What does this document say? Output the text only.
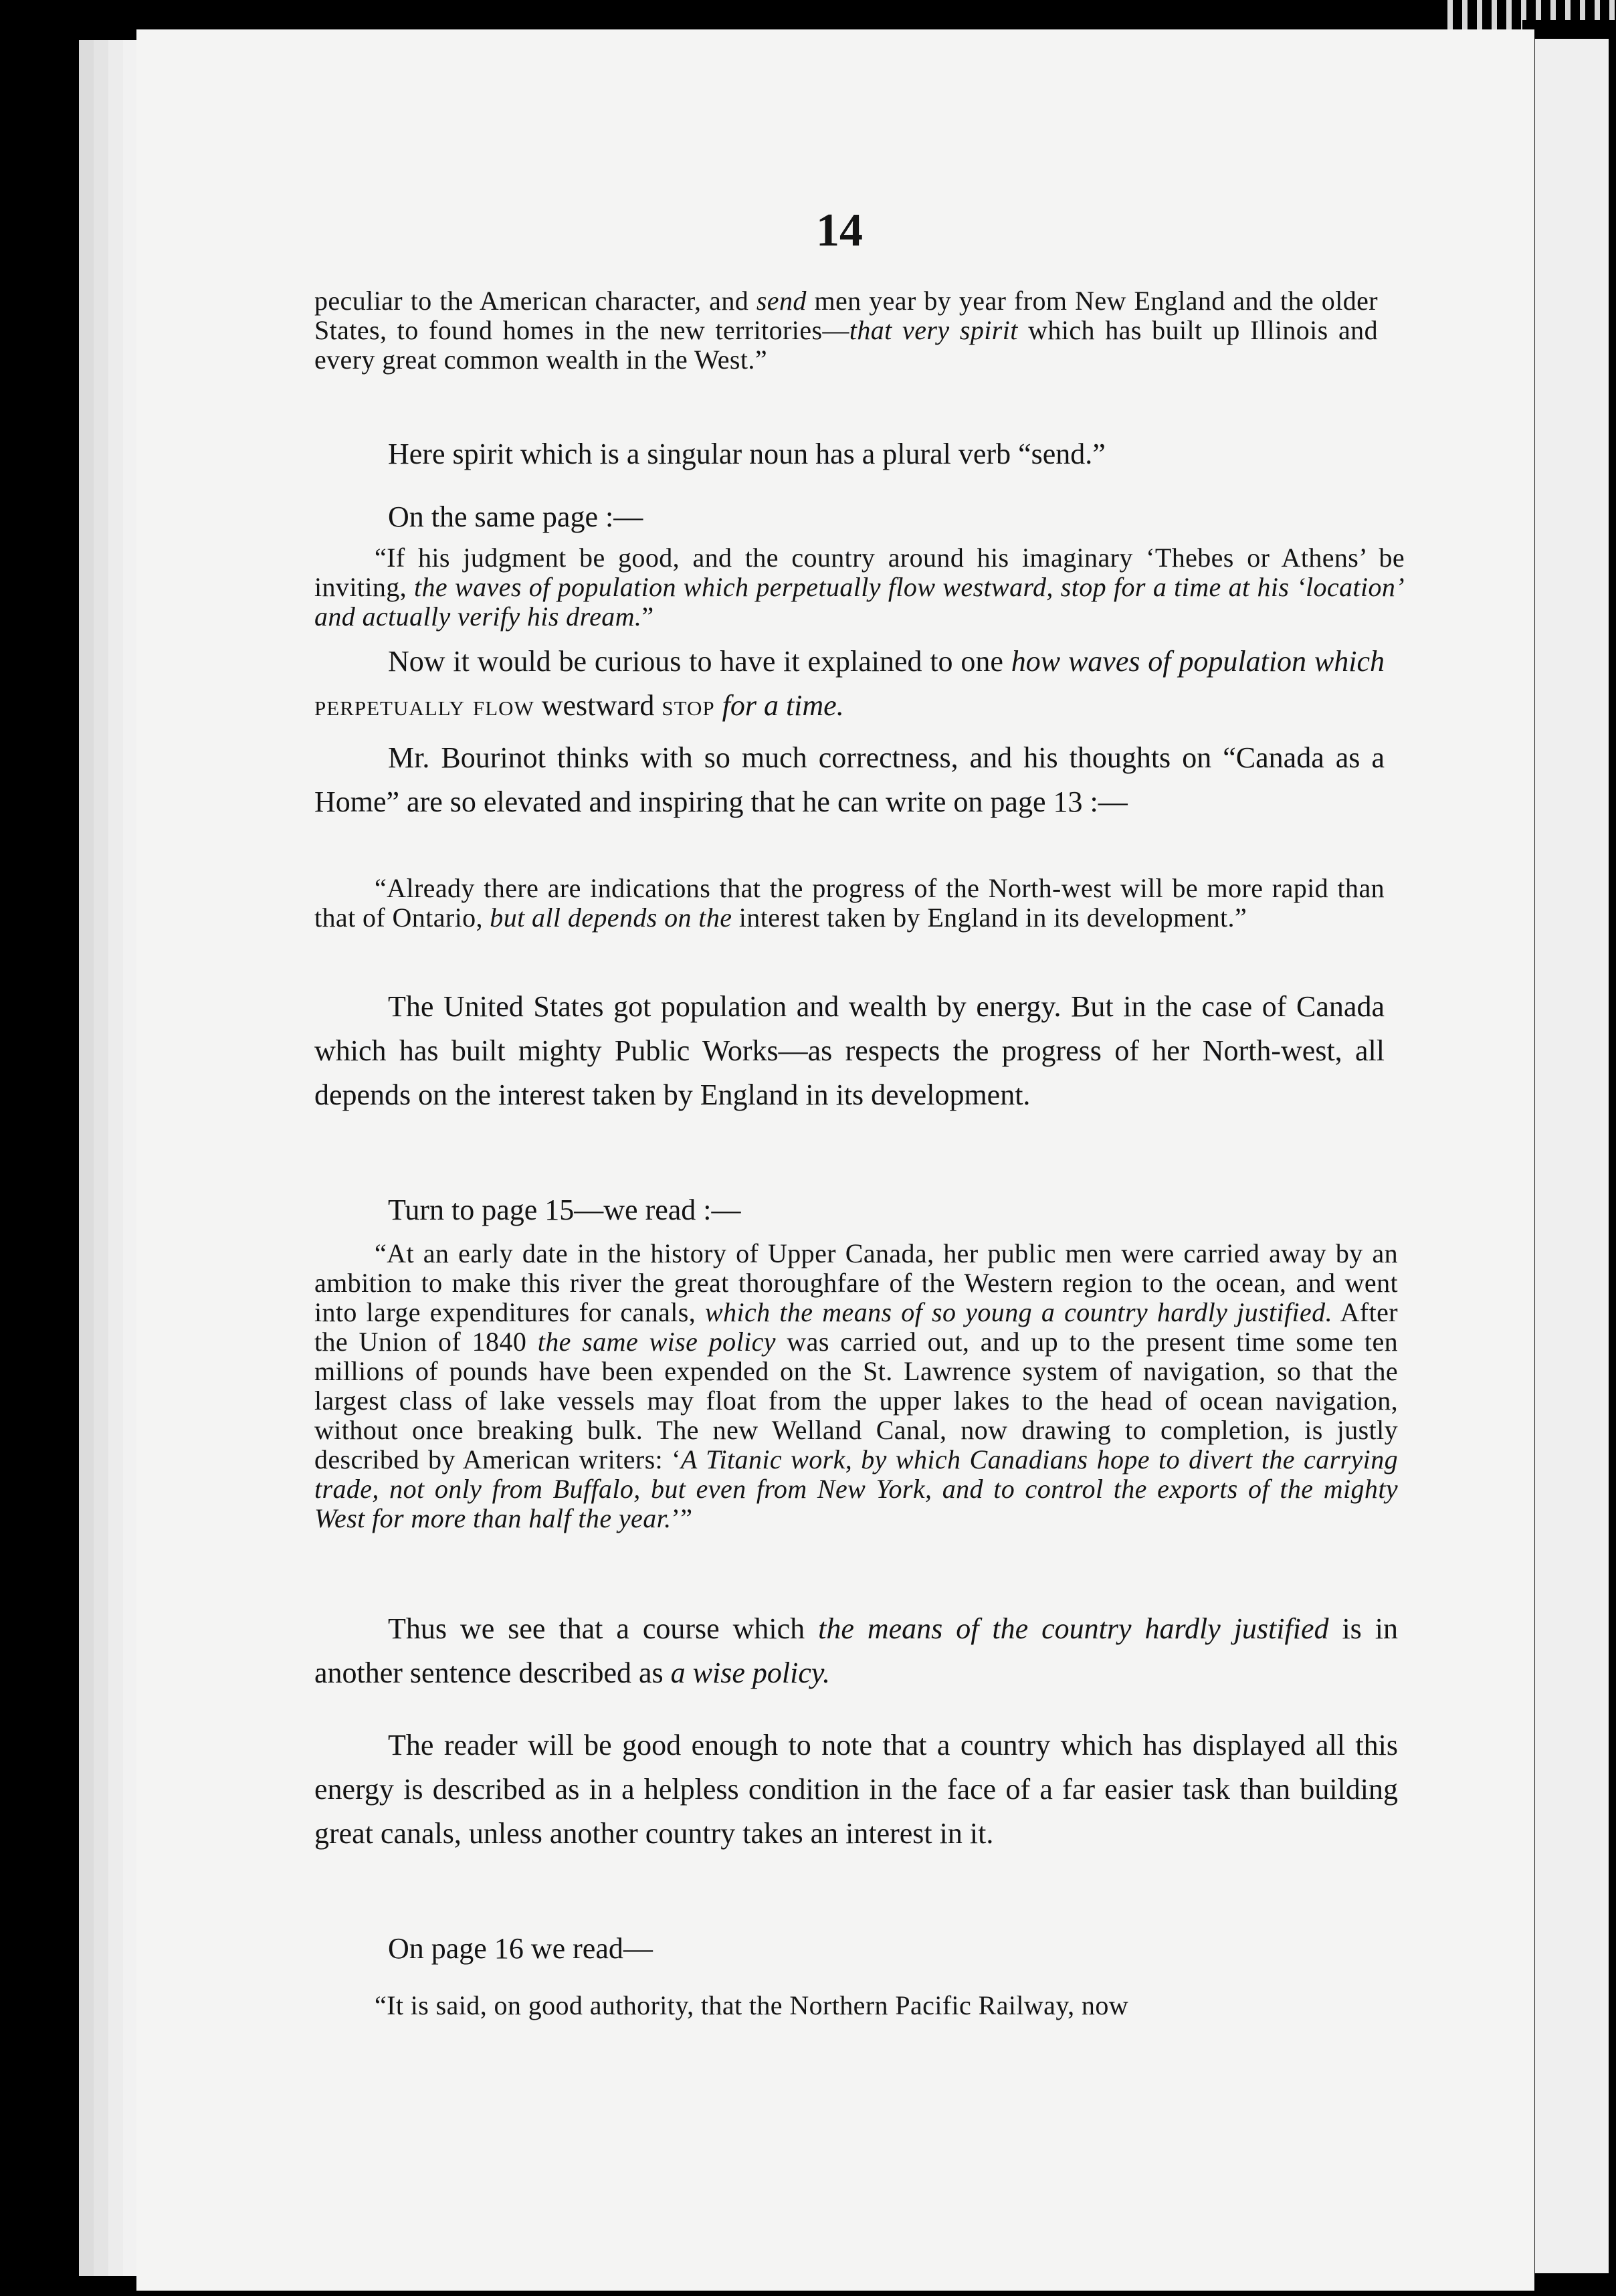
14
peculiar to the American character, and send men year by year from New England and the older States, to found homes in the new territories—that very spirit which has built up Illinois and every great common wealth in the West.”
Here spirit which is a singular noun has a plural verb “send.”
On the same page :—
“If his judgment be good, and the country around his imaginary ‘Thebes or Athens’ be inviting, the waves of population which perpetually flow westward, stop for a time at his ‘location’ and actually verify his dream.”
Now it would be curious to have it explained to one how waves of population which perpetually flow westward stop for a time.
Mr. Bourinot thinks with so much correctness, and his thoughts on “Canada as a Home” are so elevated and inspiring that he can write on page 13 :—
“Already there are indications that the progress of the North-west will be more rapid than that of Ontario, but all depends on the interest taken by England in its development.”
The United States got population and wealth by energy. But in the case of Canada which has built mighty Public Works—as respects the progress of her North-west, all depends on the interest taken by England in its development.
Turn to page 15—we read :—
“At an early date in the history of Upper Canada, her public men were carried away by an ambition to make this river the great thoroughfare of the Western region to the ocean, and went into large expenditures for canals, which the means of so young a country hardly justified. After the Union of 1840 the same wise policy was carried out, and up to the present time some ten millions of pounds have been expended on the St. Lawrence system of navigation, so that the largest class of lake vessels may float from the upper lakes to the head of ocean navigation, without once breaking bulk. The new Welland Canal, now drawing to completion, is justly described by American writers: ‘A Titanic work, by which Canadians hope to divert the carrying trade, not only from Buffalo, but even from New York, and to control the exports of the mighty West for more than half the year.’”
Thus we see that a course which the means of the country hardly justified is in another sentence described as a wise policy.
The reader will be good enough to note that a country which has displayed all this energy is described as in a helpless condition in the face of a far easier task than building great canals, unless another country takes an interest in it.
On page 16 we read—
“It is said, on good authority, that the Northern Pacific Railway, now
